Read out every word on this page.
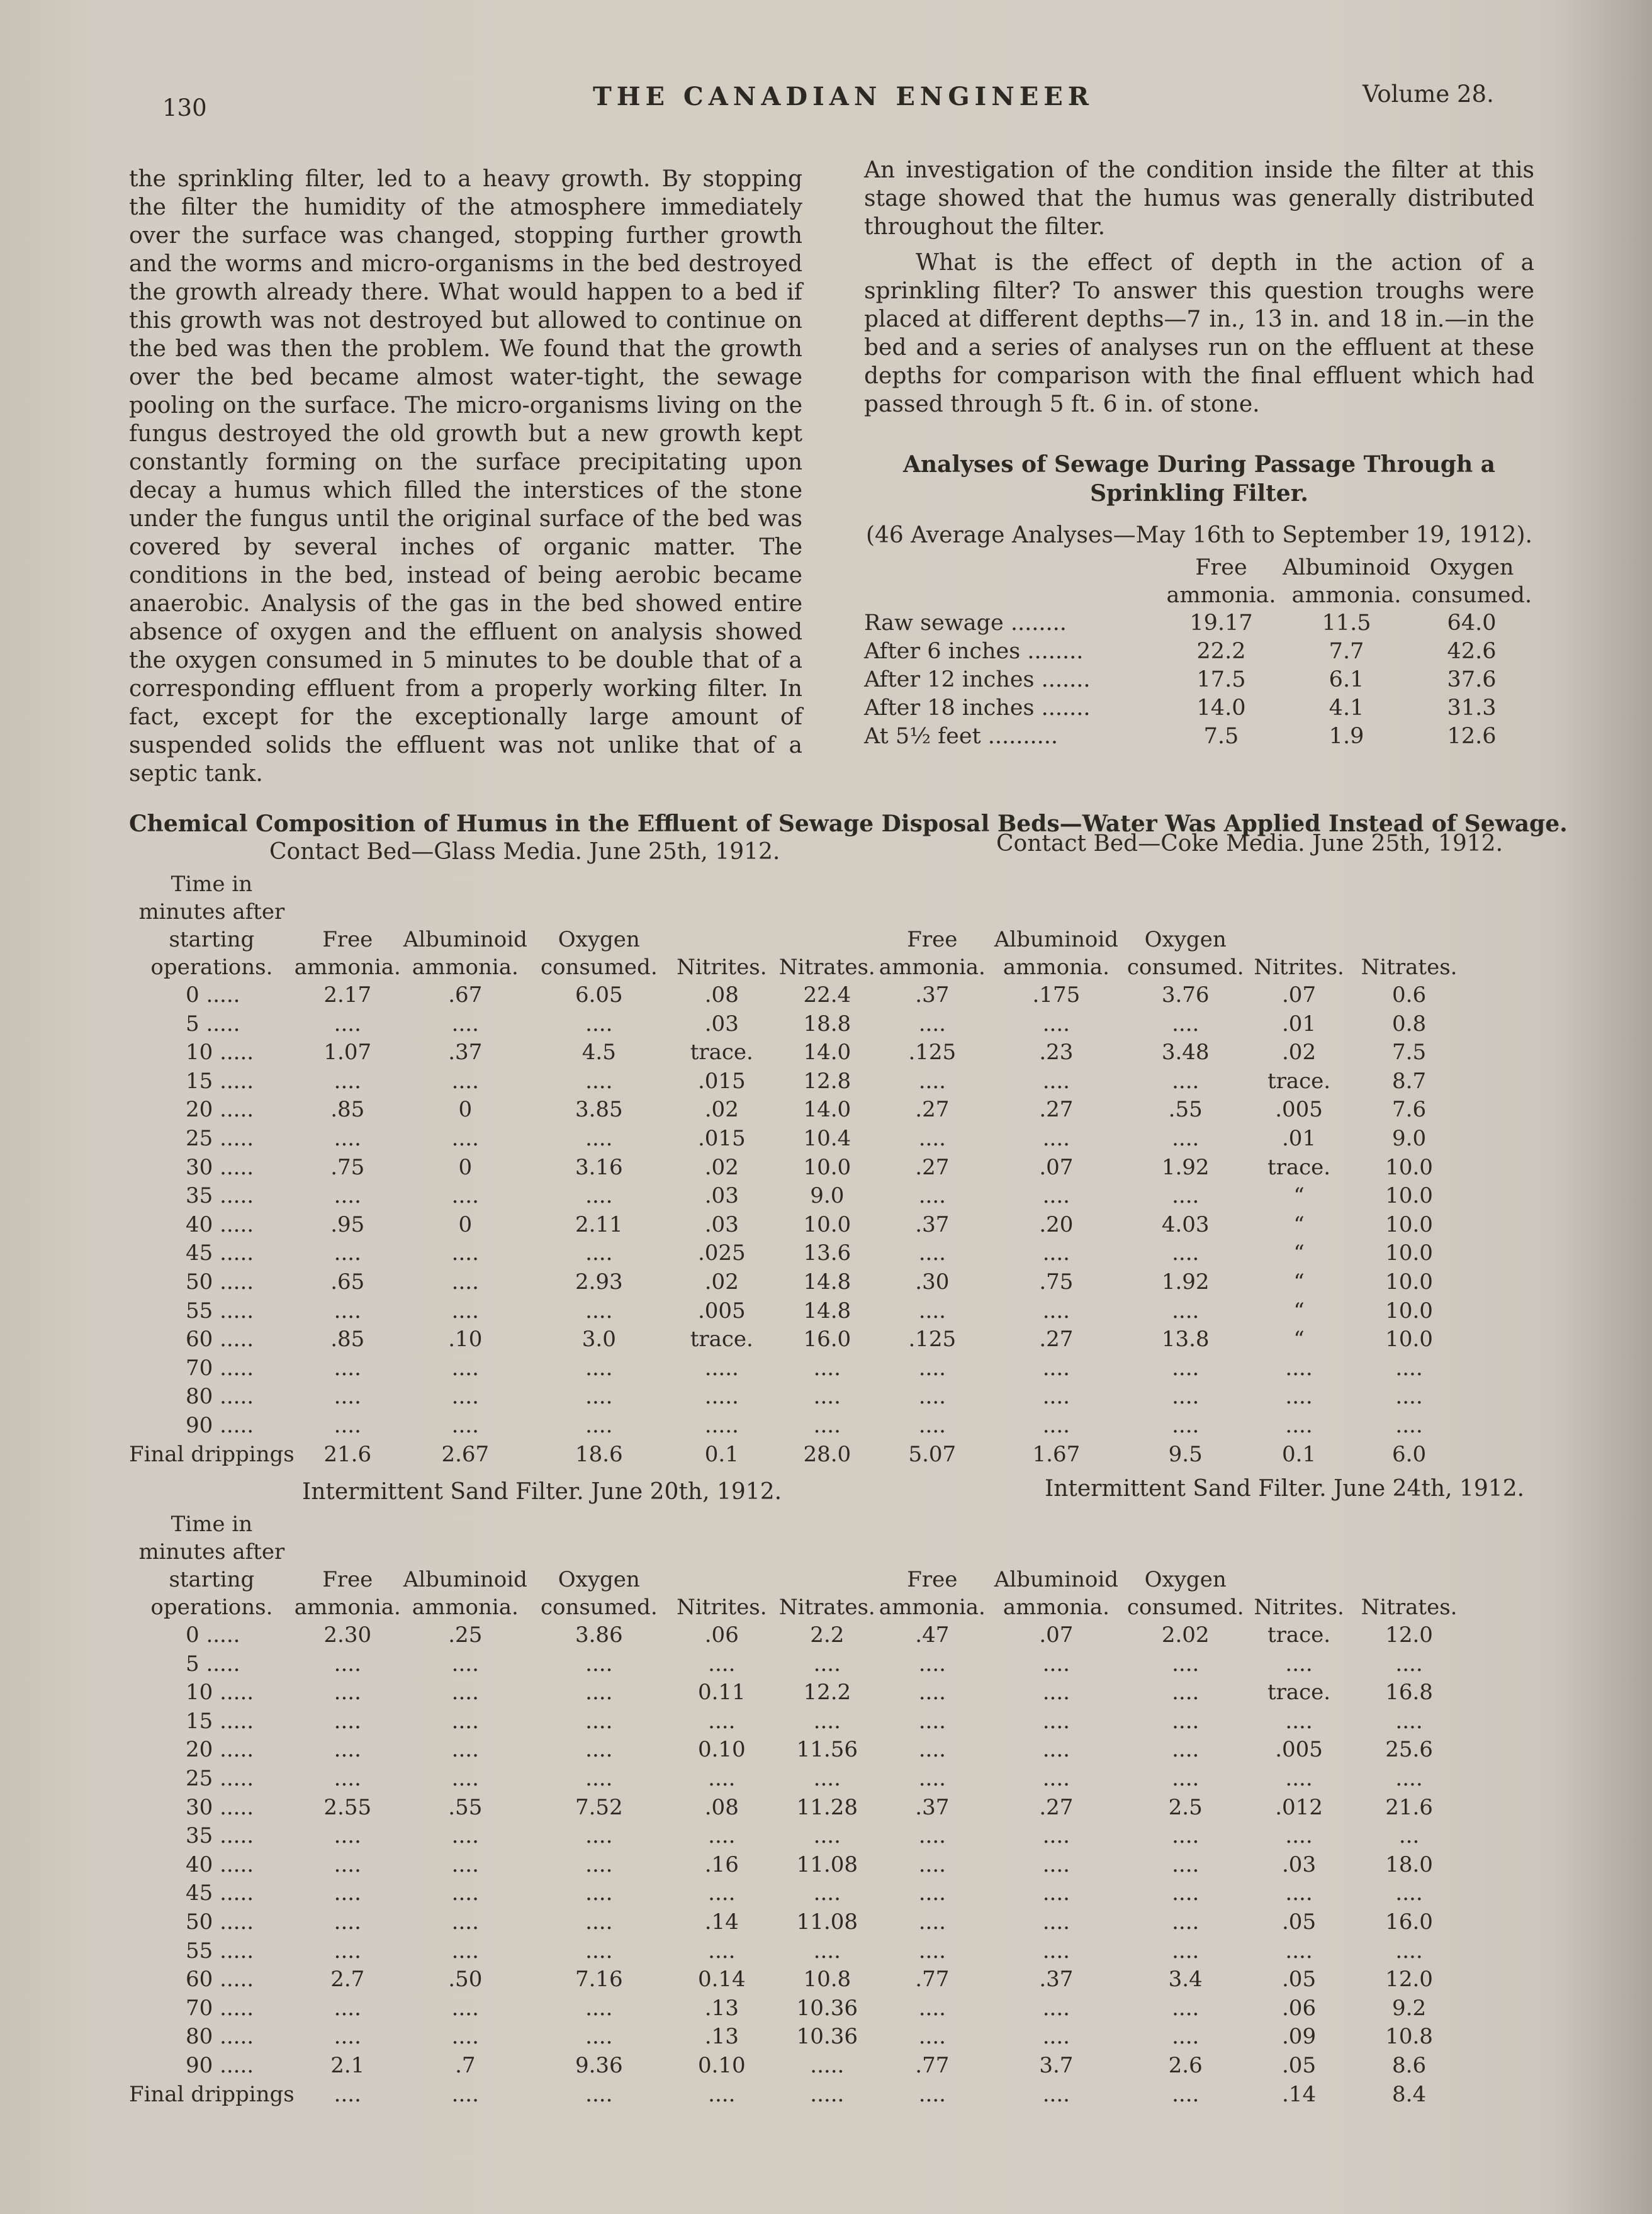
130	THE CANADIAN ENGINEER	Volume 28.

the sprinkling filter, led to a heavy growth. By stopping the filter the humidity of the atmosphere immediately over the surface was changed, stopping further growth and the worms and micro-organisms in the bed destroyed the growth already there. What would happen to a bed if this growth was not destroyed but allowed to continue on the bed was then the problem. We found that the growth over the bed became almost water-tight, the sewage pooling on the surface. The micro-organisms living on the fungus destroyed the old growth but a new growth kept constantly forming on the surface precipitating upon decay a humus which filled the interstices of the stone under the fungus until the original surface of the bed was covered by several inches of organic matter. The conditions in the bed, instead of being aerobic became anaerobic. Analysis of the gas in the bed showed entire absence of oxygen and the effluent on analysis showed the oxygen consumed in 5 minutes to be double that of a corresponding effluent from a properly working filter. In fact, except for the exceptionally large amount of suspended solids the effluent was not unlike that of a septic tank.

An investigation of the condition inside the filter at this stage showed that the humus was generally distributed throughout the filter.

What is the effect of depth in the action of a sprinkling filter? To answer this question troughs were placed at different depths—7 in., 13 in. and 18 in.—in the bed and a series of analyses run on the effluent at these depths for comparison with the final effluent which had passed through 5 ft. 6 in. of stone.

Analyses of Sewage During Passage Through a Sprinkling Filter.
(46 Average Analyses—May 16th to September 19, 1912).
	Free ammonia.	Albuminoid ammonia.	Oxygen consumed.
Raw sewage ........	19.17	11.5	64.0
After 6 inches ........	22.2	7.7	42.6
After 12 inches .......	17.5	6.1	37.6
After 18 inches .......	14.0	4.1	31.3
At 5½ feet ..........	7.5	1.9	12.6
Chemical Composition of Humus in the Effluent of Sewage Disposal Beds—Water Was Applied Instead of Sewage.
Contact Bed—Glass Media. June 25th, 1912.	Contact Bed—Coke Media. June 25th, 1912.
Time in minutes after starting operations.	Free ammonia.	Albuminoid ammonia.	Oxygen consumed.	Nitrites.	Nitrates.	Free ammonia.	Albuminoid ammonia.	Oxygen consumed.	Nitrites.	Nitrates.
0 .....	2.17	.67	6.05	.08	22.4	.37	.175	3.76	.07	0.6
5 .....	....	....	....	.03	18.8	....	....	....	.01	0.8
10 .....	1.07	.37	4.5	trace.	14.0	.125	.23	3.48	.02	7.5
15 .....	....	....	....	.015	12.8	....	....	....	trace.	8.7
20 .....	.85	0	3.85	.02	14.0	.27	.27	.55	.005	7.6
25 .....	....	....	....	.015	10.4	....	....	....	.01	9.0
30 .....	.75	0	3.16	.02	10.0	.27	.07	1.92	trace.	10.0
35 .....	....	....	....	.03	9.0	....	....	....	“	10.0
40 .....	.95	0	2.11	.03	10.0	.37	.20	4.03	“	10.0
45 .....	....	....	....	.025	13.6	....	....	....	“	10.0
50 .....	.65	....	2.93	.02	14.8	.30	.75	1.92	“	10.0
55 .....	....	....	....	.005	14.8	....	....	....	“	10.0
60 .....	.85	.10	3.0	trace.	16.0	.125	.27	13.8	“	10.0
70 .....	....	....	....	.....	....	....	....	....	....	....
80 .....	....	....	....	.....	....	....	....	....	....	....
90 .....	....	....	....	.....	....	....	....	....	....	....
Final drippings	21.6	2.67	18.6	0.1	28.0	5.07	1.67	9.5	0.1	6.0
Intermittent Sand Filter. June 20th, 1912.	Intermittent Sand Filter. June 24th, 1912.
Time in minutes after starting operations.	Free ammonia.	Albuminoid ammonia.	Oxygen consumed.	Nitrites.	Nitrates.	Free ammonia.	Albuminoid ammonia.	Oxygen consumed.	Nitrites.	Nitrates.
0 .....	2.30	.25	3.86	.06	2.2	.47	.07	2.02	trace.	12.0
5 .....	....	....	....	....	....	....	....	....	....	....
10 .....	....	....	....	0.11	12.2	....	....	....	trace.	16.8
15 .....	....	....	....	....	....	....	....	....	....	....
20 .....	....	....	....	0.10	11.56	....	....	....	.005	25.6
25 .....	....	....	....	....	....	....	....	....	....	....
30 .....	2.55	.55	7.52	.08	11.28	.37	.27	2.5	.012	21.6
35 .....	....	....	....	....	....	....	....	....	....	...
40 .....	....	....	....	.16	11.08	....	....	....	.03	18.0
45 .....	....	....	....	....	....	....	....	....	....	....
50 .....	....	....	....	.14	11.08	....	....	....	.05	16.0
55 .....	....	....	....	....	....	....	....	....	....	....
60 .....	2.7	.50	7.16	0.14	10.8	.77	.37	3.4	.05	12.0
70 .....	....	....	....	.13	10.36	....	....	....	.06	9.2
80 .....	....	....	....	.13	10.36	....	....	....	.09	10.8
90 .....	2.1	.7	9.36	0.10	.....	.77	3.7	2.6	.05	8.6
Final drippings	....	....	....	....	.....	....	....	....	.14	8.4
